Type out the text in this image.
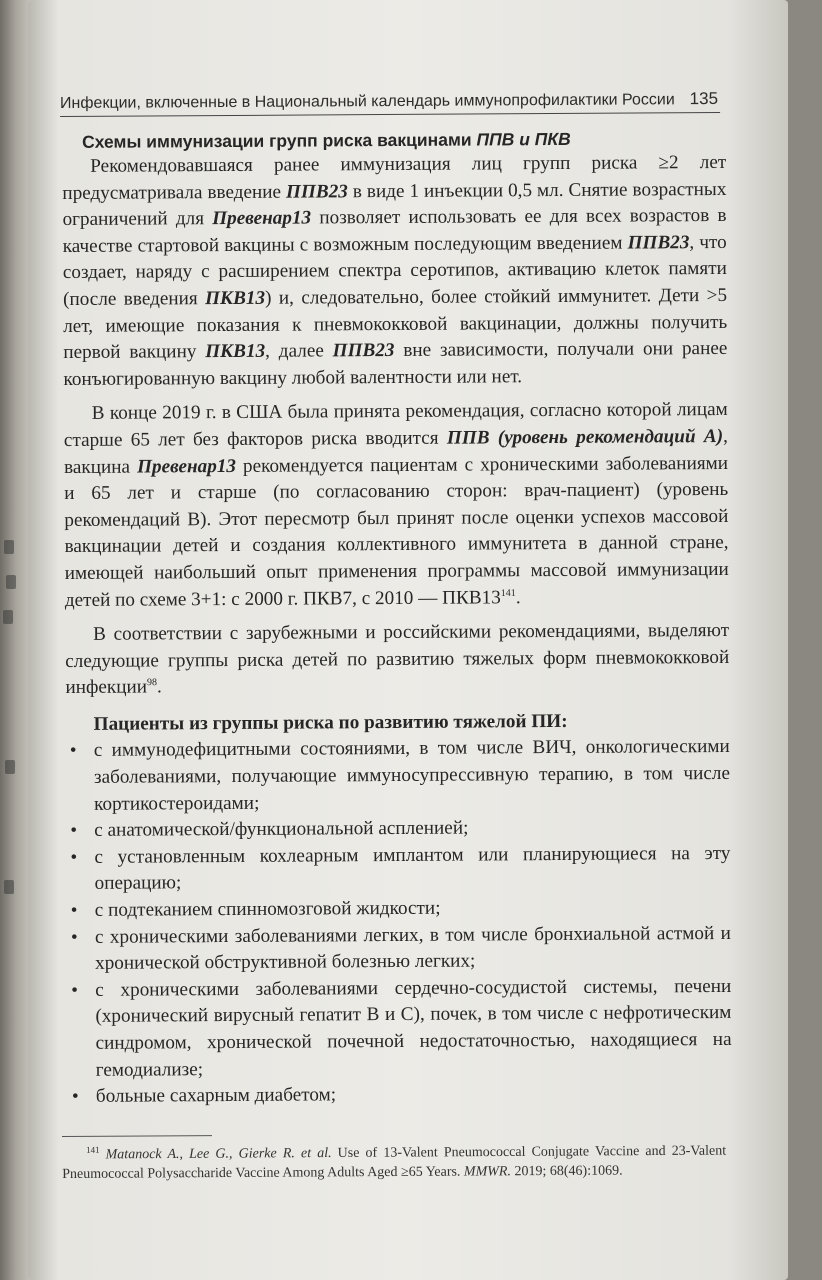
Инфекции, включенные в Национальный календарь иммунопрофилактики России 135
Схемы иммунизации групп риска вакцинами ППВ и ПКВ

Рекомендовавшаяся ранее иммунизация лиц групп риска ≥2 лет предусматривала введение ППВ23 в виде 1 инъекции 0,5 мл. Снятие возрастных ограничений для Превенар13 позволяет использовать ее для всех возрастов в качестве стартовой вакцины с возможным последующим введением ППВ23, что создает, наряду с расширением спектра серотипов, активацию клеток памяти (после введения ПКВ13) и, следовательно, более стойкий иммунитет. Дети >5 лет, имеющие показания к пневмококковой вакцинации, должны получить первой вакцину ПКВ13, далее ППВ23 вне зависимости, получали они ранее конъюгированную вакцину любой валентности или нет.

В конце 2019 г. в США была принята рекомендация, согласно которой лицам старше 65 лет без факторов риска вводится ППВ (уровень рекомендаций А), вакцина Превенар13 рекомендуется пациентам с хроническими заболеваниями и 65 лет и старше (по согласованию сторон: врач-пациент) (уровень рекомендаций В). Этот пересмотр был принят после оценки успехов массовой вакцинации детей и создания коллективного иммунитета в данной стране, имеющей наибольший опыт применения программы массовой иммунизации детей по схеме 3+1: с 2000 г. ПКВ7, с 2010 — $ПКВ13^{141}$.

В соответствии с зарубежными и российскими рекомендациями, выделяют следующие группы риска детей по развитию тяжелых форм пневмококковой инфекции$^{98}$.

Пациенты из группы риска по развитию тяжелой ПИ:
• с иммунодефицитными состояниями, в том числе ВИЧ, онкологическими заболеваниями, получающие иммуносупрессивную терапию, в том числе кортикостероидами;
• с анатомической/функциональной аспленией;
• с установленным кохлеарным имплантом или планирующиеся на эту операцию;
• с подтеканием спинномозговой жидкости;
• с хроническими заболеваниями легких, в том числе бронхиальной астмой и хронической обструктивной болезнью легких;
• с хроническими заболеваниями сердечно-сосудистой системы, печени (хронический вирусный гепатит В и С), почек, в том числе с нефротическим синдромом, хронической почечной недостаточностью, находящиеся на гемодиализе;
• больные сахарным диабетом;
$^{141}$ Matanock A., Lee G., Gierke R. et al. Use of 13-Valent Pneumococcal Conjugate Vaccine and 23-Valent Pneumococcal Polysaccharide Vaccine Among Adults Aged ≥65 Years. MMWR. 2019; 68(46):1069.
